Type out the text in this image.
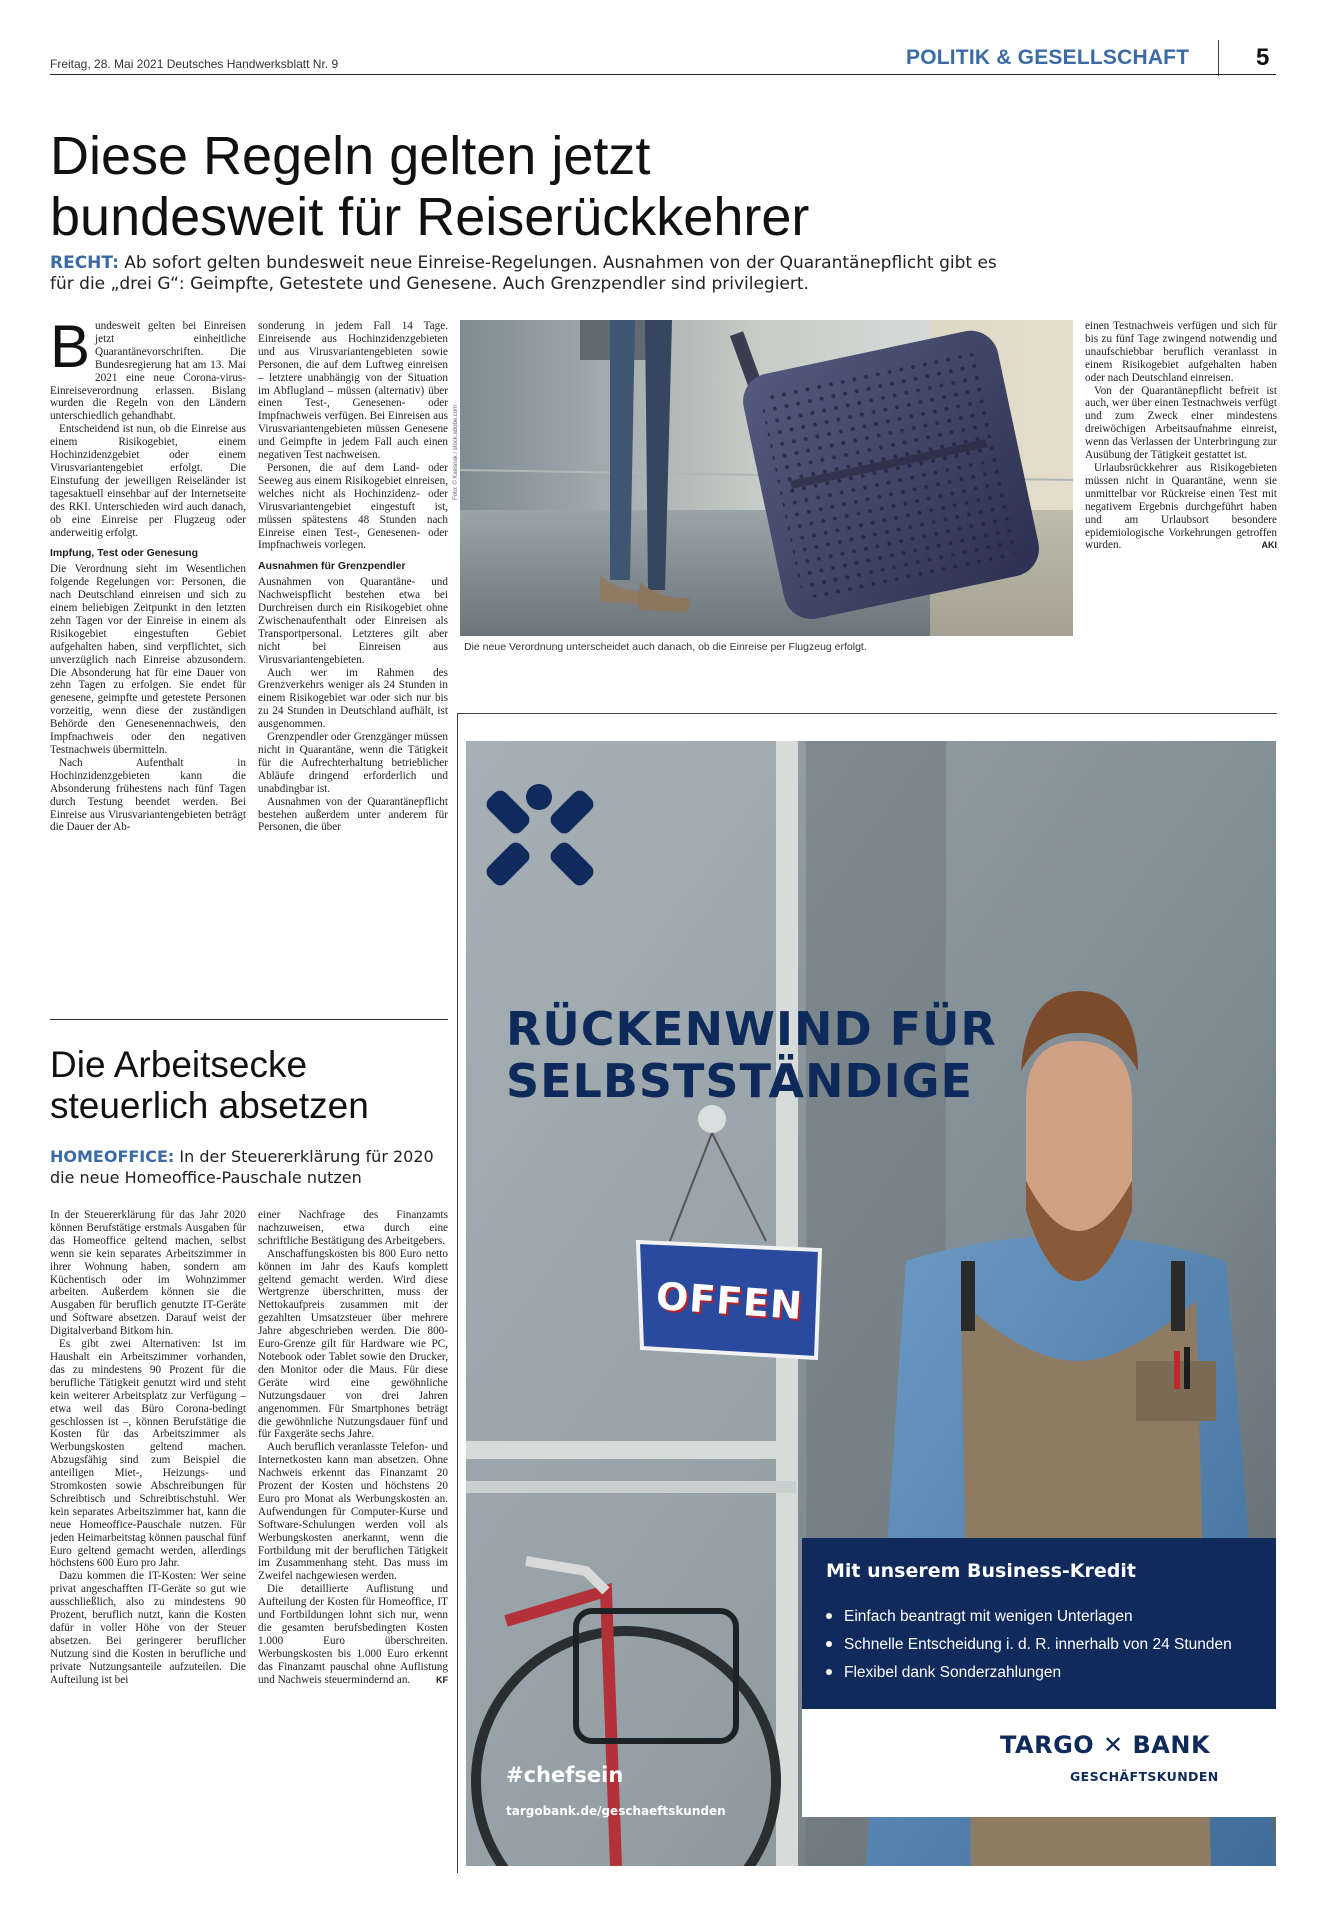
Freitag, 28. Mai 2021 Deutsches Handwerksblatt Nr. 9	POLITIK & GESELLSCHAFT	5
Diese Regeln gelten jetzt
bundesweit für Reiserückkehrer
RECHT: Ab sofort gelten bundesweit neue Einreise-Regelungen. Ausnahmen von der Quarantänepflicht gibt es für die „drei G“: Geimpfte, Getestete und Genesene. Auch Grenzpendler sind privilegiert.

Bundesweit gelten bei Einreisen jetzt einheitliche Quarantänevorschriften. Die Bundesregierung hat am 13. Mai 2021 eine neue Corona-virus-Einreiseverordnung erlassen. Bislang wurden die Regeln von den Ländern unterschiedlich gehandhabt.

Entscheidend ist nun, ob die Einreise aus einem Risikogebiet, einem Hochinzidenzgebiet oder einem Virusvariantengebiet erfolgt. Die Einstufung der jeweiligen Reiseländer ist tagesaktuell einsehbar auf der Internetseite des RKI. Unterschieden wird auch danach, ob eine Einreise per Flugzeug oder anderweitig erfolgt.

Impfung, Test oder Genesung

Die Verordnung sieht im Wesentlichen folgende Regelungen vor: Personen, die nach Deutschland einreisen und sich zu einem beliebigen Zeitpunkt in den letzten zehn Tagen vor der Einreise in einem als Risikogebiet eingestuften Gebiet aufgehalten haben, sind verpflichtet, sich unverzüglich nach Einreise abzusondern. Die Absonderung hat für eine Dauer von zehn Tagen zu erfolgen. Sie endet für genesene, geimpfte und getestete Personen vorzeitig, wenn diese der zuständigen Behörde den Genesenennachweis, den Impfnachweis oder den negativen Testnachweis übermitteln.

Nach Aufenthalt in Hochinzidenzgebieten kann die Absonderung frühestens nach fünf Tagen durch Testung beendet werden. Bei Einreise aus Virusvariantengebieten beträgt die Dauer der Ab-

sonderung in jedem Fall 14 Tage. Einreisende aus Hochinzidenzgebieten und aus Virusvariantengebieten sowie Personen, die auf dem Luftweg einreisen – letztere unabhängig von der Situation im Abflugland – müssen (alternativ) über einen Test-, Genesenen- oder Impfnachweis verfügen. Bei Einreisen aus Virusvariantengebieten müssen Genesene und Geimpfte in jedem Fall auch einen negativen Test nachweisen.

Personen, die auf dem Land- oder Seeweg aus einem Risikogebiet einreisen, welches nicht als Hochinzidenz- oder Virusvariantengebiet eingestuft ist, müssen spätestens 48 Stunden nach Einreise einen Test-, Genesenen- oder Impfnachweis vorlegen.

Ausnahmen für Grenzpendler

Ausnahmen von Quarantäne- und Nachweispflicht bestehen etwa bei Durchreisen durch ein Risikogebiet ohne Zwischenaufenthalt oder Einreisen als Transportpersonal. Letzteres gilt aber nicht bei Einreisen aus Virusvariantengebieten.

Auch wer im Rahmen des Grenzverkehrs weniger als 24 Stunden in einem Risikogebiet war oder sich nur bis zu 24 Stunden in Deutschland aufhält, ist ausgenommen.

Grenzpendler oder Grenzgänger müssen nicht in Quarantäne, wenn die Tätigkeit für die Aufrechterhaltung betrieblicher Abläufe dringend erforderlich und unabdingbar ist.

Ausnahmen von der Quarantänepflicht bestehen außerdem unter anderem für Personen, die über

Foto: © Kaesnak / stock.adobe.com
Die neue Verordnung unterscheidet auch danach, ob die Einreise per Flugzeug erfolgt.

einen Testnachweis verfügen und sich für bis zu fünf Tage zwingend notwendig und unaufschiebbar beruflich veranlasst in einem Risikogebiet aufgehalten haben oder nach Deutschland einreisen.

Von der Quarantänepflicht befreit ist auch, wer über einen Testnachweis verfügt und zum Zweck einer mindestens dreiwöchigen Arbeitsaufnahme einreist, wenn das Verlassen der Unterbringung zur Ausübung der Tätigkeit gestattet ist.

Urlaubsrückkehrer aus Risikogebieten müssen nicht in Quarantäne, wenn sie unmittelbar vor Rückreise einen Test mit negativem Ergebnis durchgeführt haben und am Urlaubsort besondere epidemiologische Vorkehrungen getroffen wurden.	AKI

Die Arbeitsecke
steuerlich absetzen
HOMEOFFICE: In der Steuererklärung für 2020 die neue Homeoffice-Pauschale nutzen

In der Steuererklärung für das Jahr 2020 können Berufstätige erstmals Ausgaben für das Homeoffice geltend machen, selbst wenn sie kein separates Arbeitszimmer in ihrer Wohnung haben, sondern am Küchentisch oder im Wohnzimmer arbeiten. Außerdem können sie die Ausgaben für beruflich genutzte IT-Geräte und Software absetzen. Darauf weist der Digitalverband Bitkom hin.

Es gibt zwei Alternativen: Ist im Haushalt ein Arbeitszimmer vorhanden, das zu mindestens 90 Prozent für die berufliche Tätigkeit genutzt wird und steht kein weiterer Arbeitsplatz zur Verfügung – etwa weil das Büro Corona-bedingt geschlossen ist –, können Berufstätige die Kosten für das Arbeitszimmer als Werbungskosten geltend machen. Abzugsfähig sind zum Beispiel die anteiligen Miet-, Heizungs- und Stromkosten sowie Abschreibungen für Schreibtisch und Schreibtischstuhl. Wer kein separates Arbeitszimmer hat, kann die neue Homeoffice-Pauschale nutzen. Für jeden Heimarbeitstag können pauschal fünf Euro geltend gemacht werden, allerdings höchstens 600 Euro pro Jahr.

Dazu kommen die IT-Kosten: Wer seine privat angeschafften IT-Geräte so gut wie ausschließlich, also zu mindestens 90 Prozent, beruflich nutzt, kann die Kosten dafür in voller Höhe von der Steuer absetzen. Bei geringerer beruflicher Nutzung sind die Kosten in berufliche und private Nutzungsanteile aufzuteilen. Die Aufteilung ist bei

einer Nachfrage des Finanzamts nachzuweisen, etwa durch eine schriftliche Bestätigung des Arbeitgebers.

Anschaffungskosten bis 800 Euro netto können im Jahr des Kaufs komplett geltend gemacht werden. Wird diese Wertgrenze überschritten, muss der Nettokaufpreis zusammen mit der gezahlten Umsatzsteuer über mehrere Jahre abgeschrieben werden. Die 800-Euro-Grenze gilt für Hardware wie PC, Notebook oder Tablet sowie den Drucker, den Monitor oder die Maus. Für diese Geräte wird eine gewöhnliche Nutzungsdauer von drei Jahren angenommen. Für Smartphones beträgt die gewöhnliche Nutzungsdauer fünf und für Faxgeräte sechs Jahre.

Auch beruflich veranlasste Telefon- und Internetkosten kann man absetzen. Ohne Nachweis erkennt das Finanzamt 20 Prozent der Kosten und höchstens 20 Euro pro Monat als Werbungskosten an. Aufwendungen für Computer-Kurse und Software-Schulungen werden voll als Werbungskosten anerkannt, wenn die Fortbildung mit der beruflichen Tätigkeit im Zusammenhang steht. Das muss im Zweifel nachgewiesen werden.

Die detaillierte Auflistung und Aufteilung der Kosten für Homeoffice, IT und Fortbildungen lohnt sich nur, wenn die gesamten berufsbedingten Kosten 1.000 Euro überschreiten. Werbungskosten bis 1.000 Euro erkennt das Finanzamt pauschal ohne Auflistung und Nachweis steuermindernd an.	KF

RÜCKENWIND FÜR
SELBSTSTÄNDIGE
OFFEN
Mit unserem Business-Kredit
Einfach beantragt mit wenigen Unterlagen
Schnelle Entscheidung i. d. R. innerhalb von 24 Stunden
Flexibel dank Sonderzahlungen
TARGO ✕ BANK
GESCHÄFTSKUNDEN
#chefsein
targobank.de/geschaeftskunden
